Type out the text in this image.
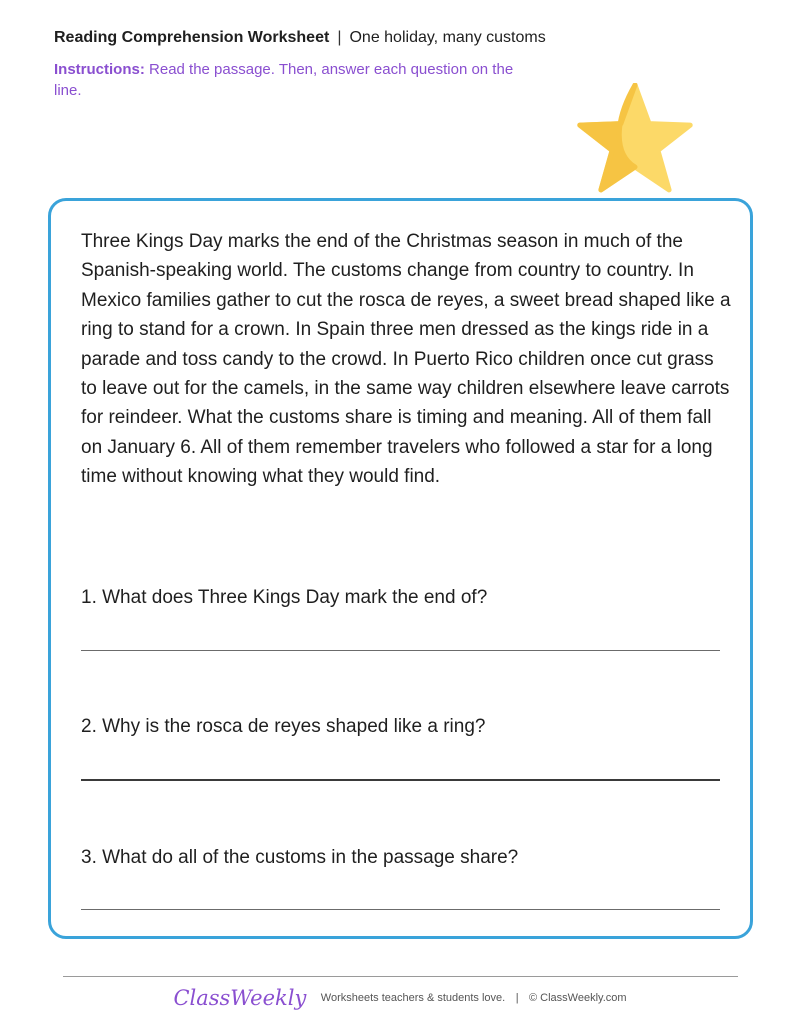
Reading Comprehension Worksheet | One holiday, many customs
Instructions: Read the passage. Then, answer each question on the line.

Three Kings Day marks the end of the Christmas season in much of the Spanish-speaking world. The customs change from country to country. In Mexico families gather to cut the rosca de reyes, a sweet bread shaped like a ring to stand for a crown. In Spain three men dressed as the kings ride in a parade and toss candy to the crowd. In Puerto Rico children once cut grass to leave out for the camels, in the same way children elsewhere leave carrots for reindeer. What the customs share is timing and meaning. All of them fall on January 6. All of them remember travelers who followed a star for a long time without knowing what they would find.

1. What does Three Kings Day mark the end of?
2. Why is the rosca de reyes shaped like a ring?
3. What do all of the customs in the passage share?
ClassWeekly Worksheets teachers & students love. | © ClassWeekly.com
